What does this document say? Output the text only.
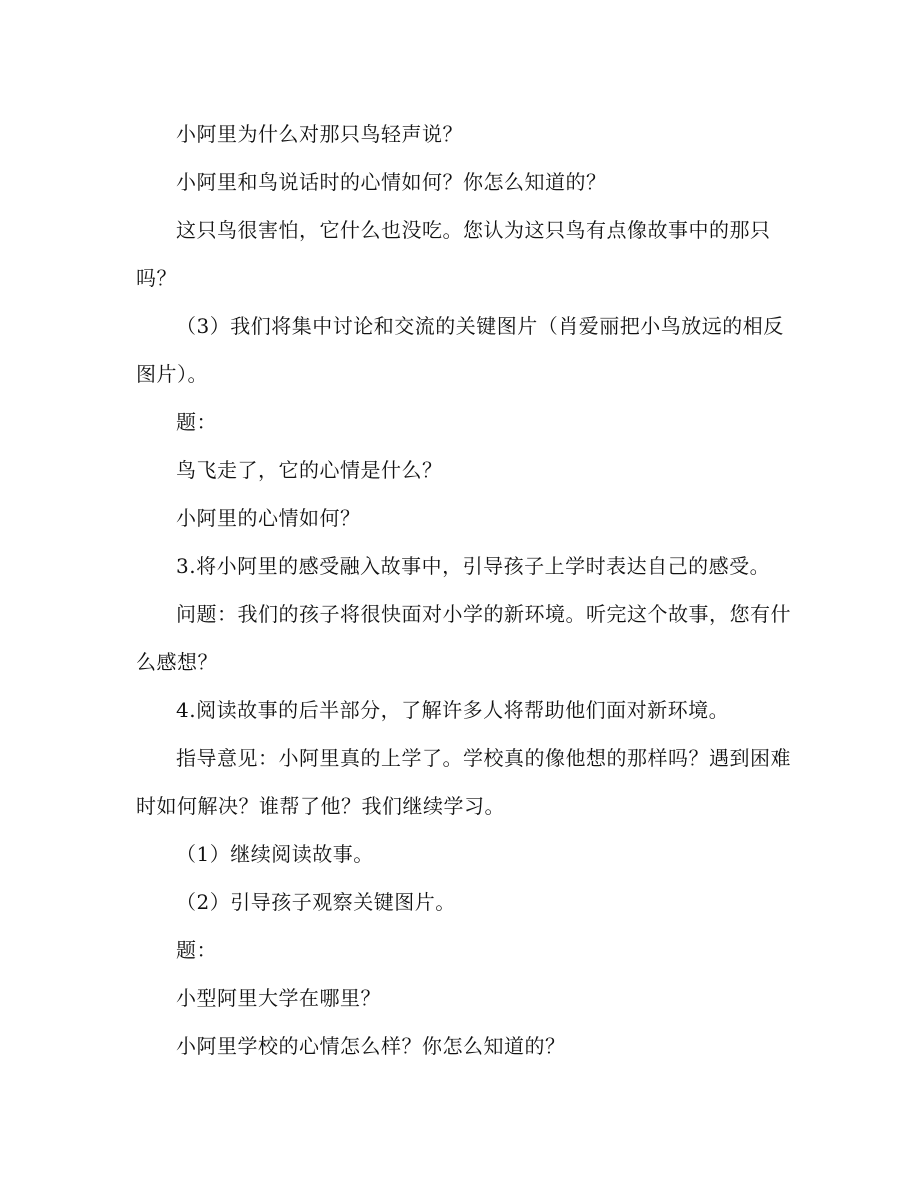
小阿里为什么对那只鸟轻声说？

小阿里和鸟说话时的心情如何？你怎么知道的？

这只鸟很害怕，它什么也没吃。您认为这只鸟有点像故事中的那只吗？

（3）我们将集中讨论和交流的关键图片（肖爱丽把小鸟放远的相反图片）。

题：

鸟飞走了，它的心情是什么？

小阿里的心情如何？

3.将小阿里的感受融入故事中，引导孩子上学时表达自己的感受。

问题：我们的孩子将很快面对小学的新环境。听完这个故事，您有什么感想？

4.阅读故事的后半部分，了解许多人将帮助他们面对新环境。

指导意见：小阿里真的上学了。学校真的像他想的那样吗？遇到困难时如何解决？谁帮了他？我们继续学习。

（1）继续阅读故事。

（2）引导孩子观察关键图片。

题：

小型阿里大学在哪里？

小阿里学校的心情怎么样？你怎么知道的？
